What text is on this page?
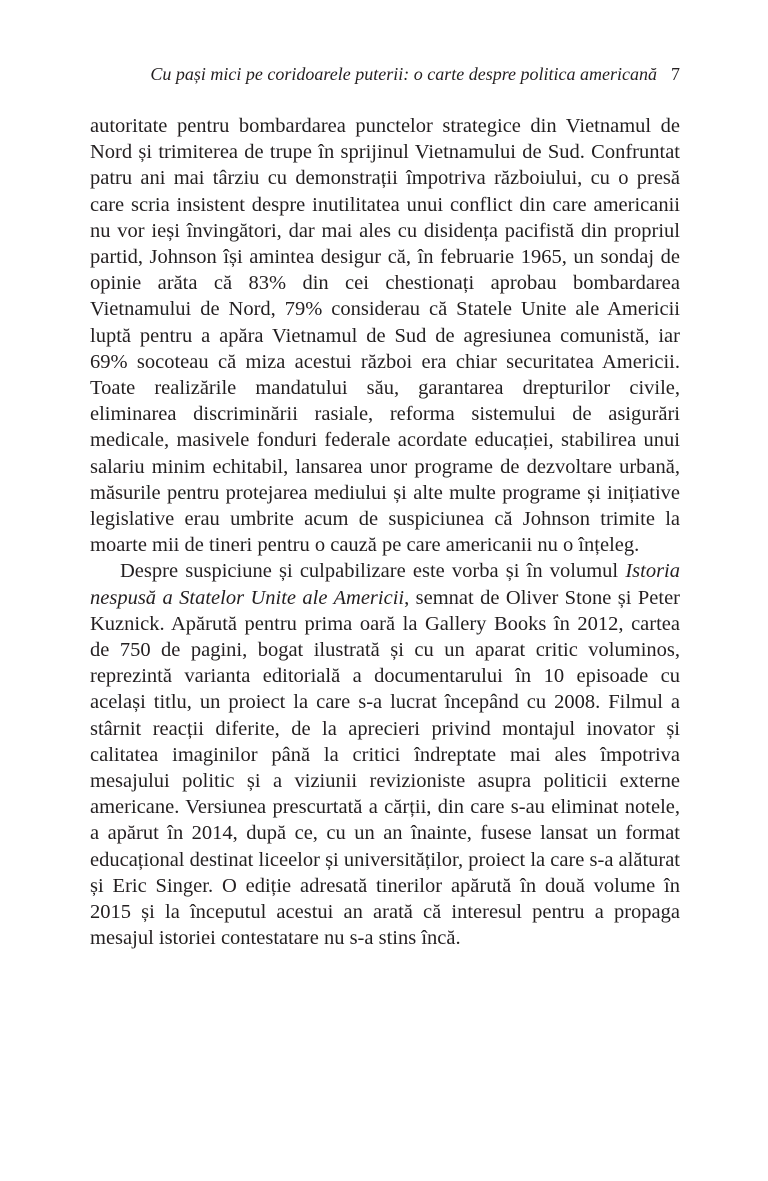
Cu pași mici pe coridoarele puterii: o carte despre politica americană 7

autoritate pentru bombardarea punctelor strategice din Vietnamul de Nord și trimiterea de trupe în sprijinul Vietnamului de Sud. Confruntat patru ani mai târziu cu demonstrații împotriva războiului, cu o presă care scria insistent despre inutilitatea unui conflict din care americanii nu vor ieși învingători, dar mai ales cu disidența pacifistă din propriul partid, Johnson își amintea desigur că, în februarie 1965, un sondaj de opinie arăta că 83% din cei chestionați aprobau bombardarea Vietnamului de Nord, 79% considerau că Statele Unite ale Americii luptă pentru a apăra Vietnamul de Sud de agresiunea comunistă, iar 69% socoteau că miza acestui război era chiar securitatea Americii. Toate realizările mandatului său, garantarea drepturilor civile, eliminarea discriminării rasiale, reforma sistemului de asigurări medicale, masivele fonduri federale acordate educației, stabilirea unui salariu minim echitabil, lansarea unor programe de dezvoltare urbană, măsurile pentru protejarea mediului și alte multe programe și inițiative legislative erau umbrite acum de suspiciunea că Johnson trimite la moarte mii de tineri pentru o cauză pe care americanii nu o înțeleg.

Despre suspiciune și culpabilizare este vorba și în volumul Istoria nespusă a Statelor Unite ale Americii, semnat de Oliver Stone și Peter Kuznick. Apărută pentru prima oară la Gallery Books în 2012, cartea de 750 de pagini, bogat ilustrată și cu un aparat critic voluminos, reprezintă varianta editorială a documentarului în 10 episoade cu același titlu, un proiect la care s-a lucrat începând cu 2008. Filmul a stârnit reacții diferite, de la aprecieri privind montajul inovator și calitatea imaginilor până la critici îndreptate mai ales împotriva mesajului politic și a viziunii revizioniste asupra politicii externe americane. Versiunea prescurtată a cărții, din care s-au eliminat notele, a apărut în 2014, după ce, cu un an înainte, fusese lansat un format educațional destinat liceelor și universităților, proiect la care s-a alăturat și Eric Singer. O ediție adresată tinerilor apărută în două volume în 2015 și la începutul acestui an arată că interesul pentru a propaga mesajul istoriei contestatare nu s-a stins încă.
